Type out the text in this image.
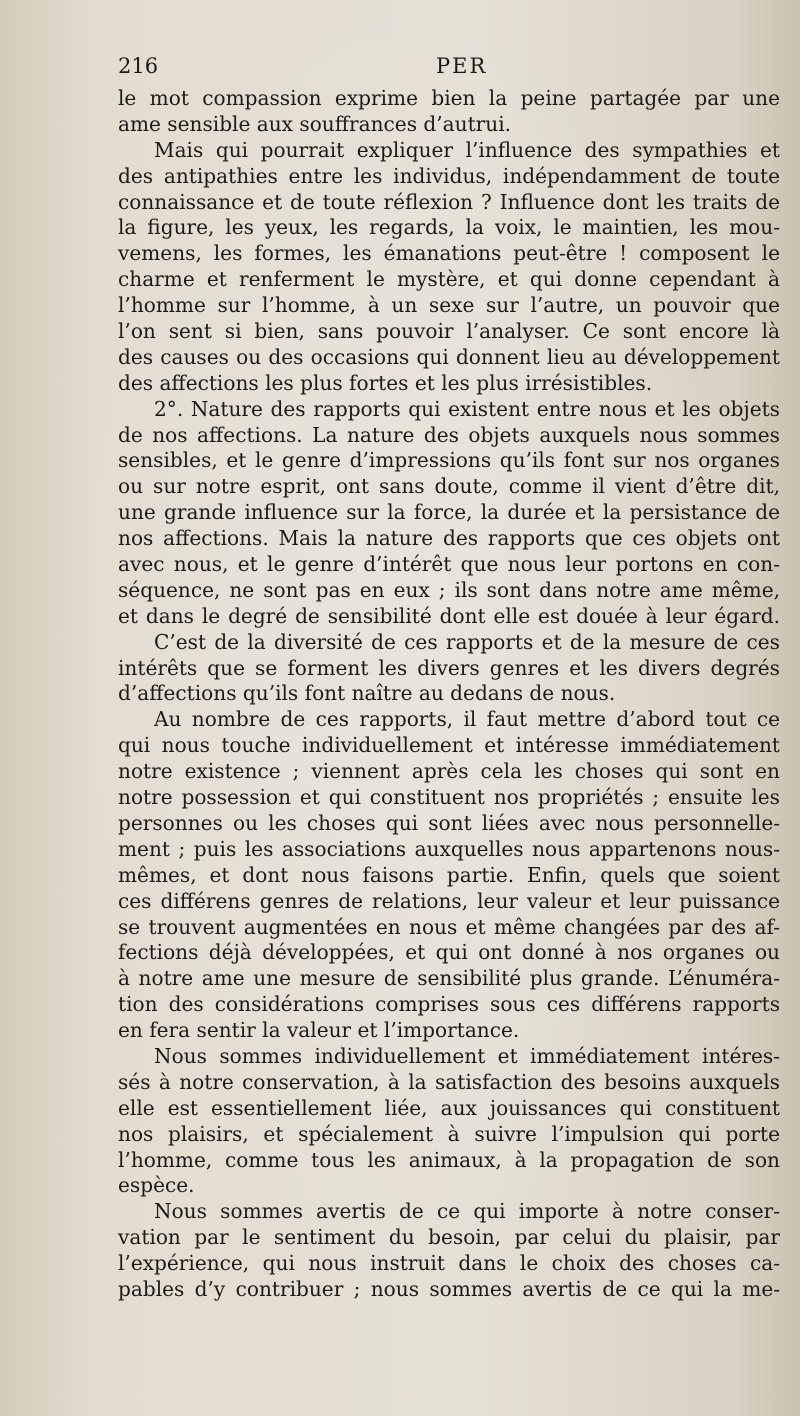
216	PER
le mot compassion exprime bien la peine partagée par une
ame sensible aux souffrances d’autrui.
Mais qui pourrait expliquer l’influence des sympathies et
des antipathies entre les individus, indépendamment de toute
connaissance et de toute réflexion ? Influence dont les traits de
la figure, les yeux, les regards, la voix, le maintien, les mou-
vemens, les formes, les émanations peut-être ! composent le
charme et renferment le mystère, et qui donne cependant à
l’homme sur l’homme, à un sexe sur l’autre, un pouvoir que
l’on sent si bien, sans pouvoir l’analyser. Ce sont encore là
des causes ou des occasions qui donnent lieu au développement
des affections les plus fortes et les plus irrésistibles.
2°. Nature des rapports qui existent entre nous et les objets
de nos affections. La nature des objets auxquels nous sommes
sensibles, et le genre d’impressions qu’ils font sur nos organes
ou sur notre esprit, ont sans doute, comme il vient d’être dit,
une grande influence sur la force, la durée et la persistance de
nos affections. Mais la nature des rapports que ces objets ont
avec nous, et le genre d’intérêt que nous leur portons en con-
séquence, ne sont pas en eux ; ils sont dans notre ame même,
et dans le degré de sensibilité dont elle est douée à leur égard.
C’est de la diversité de ces rapports et de la mesure de ces
intérêts que se forment les divers genres et les divers degrés
d’affections qu’ils font naître au dedans de nous.
Au nombre de ces rapports, il faut mettre d’abord tout ce
qui nous touche individuellement et intéresse immédiatement
notre existence ; viennent après cela les choses qui sont en
notre possession et qui constituent nos propriétés ; ensuite les
personnes ou les choses qui sont liées avec nous personnelle-
ment ; puis les associations auxquelles nous appartenons nous-
mêmes, et dont nous faisons partie. Enfin, quels que soient
ces différens genres de relations, leur valeur et leur puissance
se trouvent augmentées en nous et même changées par des af-
fections déjà développées, et qui ont donné à nos organes ou
à notre ame une mesure de sensibilité plus grande. L’énuméra-
tion des considérations comprises sous ces différens rapports
en fera sentir la valeur et l’importance.
Nous sommes individuellement et immédiatement intéres-
sés à notre conservation, à la satisfaction des besoins auxquels
elle est essentiellement liée, aux jouissances qui constituent
nos plaisirs, et spécialement à suivre l’impulsion qui porte
l’homme, comme tous les animaux, à la propagation de son
espèce.
Nous sommes avertis de ce qui importe à notre conser-
vation par le sentiment du besoin, par celui du plaisir, par
l’expérience, qui nous instruit dans le choix des choses ca-
pables d’y contribuer ; nous sommes avertis de ce qui la me-
